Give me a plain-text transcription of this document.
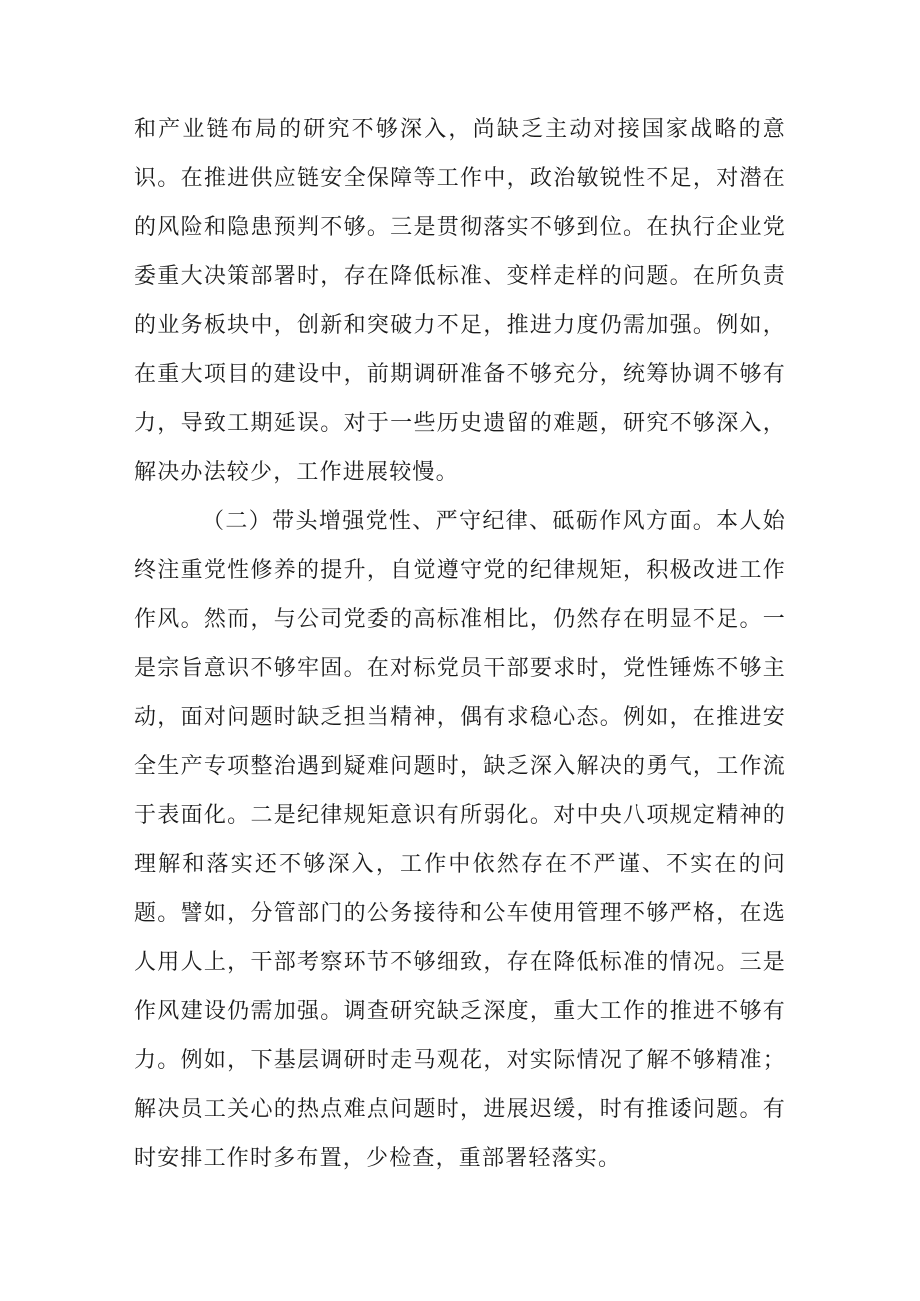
和产业链布局的研究不够深入，尚缺乏主动对接国家战略的意识。在推进供应链安全保障等工作中，政治敏锐性不足，对潜在的风险和隐患预判不够。三是贯彻落实不够到位。在执行企业党委重大决策部署时，存在降低标准、变样走样的问题。在所负责的业务板块中，创新和突破力不足，推进力度仍需加强。例如，在重大项目的建设中，前期调研准备不够充分，统筹协调不够有力，导致工期延误。对于一些历史遗留的难题，研究不够深入，解决办法较少，工作进展较慢。

（二）带头增强党性、严守纪律、砥砺作风方面。本人始终注重党性修养的提升，自觉遵守党的纪律规矩，积极改进工作作风。然而，与公司党委的高标准相比，仍然存在明显不足。一是宗旨意识不够牢固。在对标党员干部要求时，党性锤炼不够主动，面对问题时缺乏担当精神，偶有求稳心态。例如，在推进安全生产专项整治遇到疑难问题时，缺乏深入解决的勇气，工作流于表面化。二是纪律规矩意识有所弱化。对中央八项规定精神的理解和落实还不够深入，工作中依然存在不严谨、不实在的问题。譬如，分管部门的公务接待和公车使用管理不够严格，在选人用人上，干部考察环节不够细致，存在降低标准的情况。三是作风建设仍需加强。调查研究缺乏深度，重大工作的推进不够有力。例如，下基层调研时走马观花，对实际情况了解不够精准；解决员工关心的热点难点问题时，进展迟缓，时有推诿问题。有时安排工作时多布置，少检查，重部署轻落实。
